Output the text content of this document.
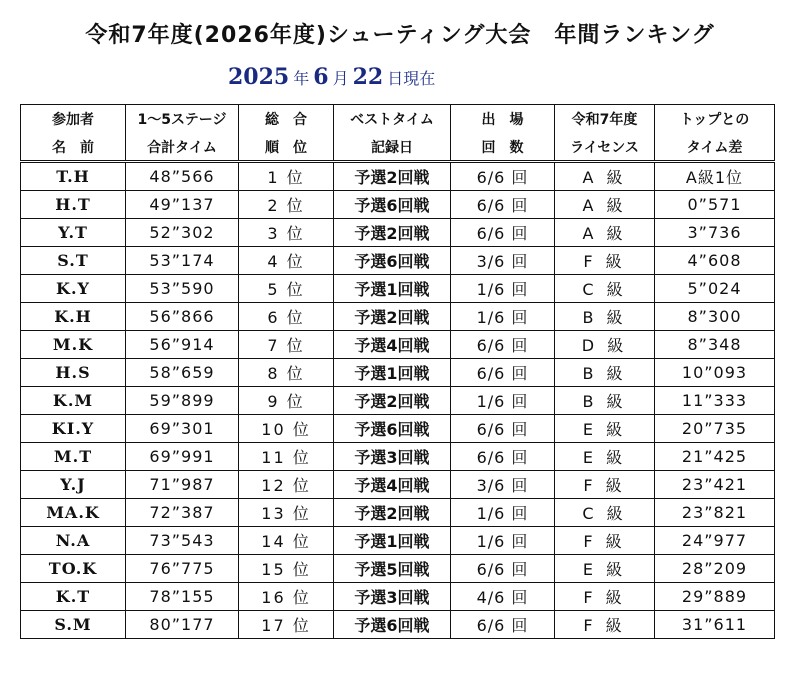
令和7年度(2026年度)シューティング大会　年間ランキング
2025 年 6 月 22 日現在
参加者	1～5ステージ	総　合	ベストタイム	出　場	令和7年度	トップとの
名　前	合計タイム	順　位	記録日	回　数	ライセンス	タイム差
T.H	48”566	1 位	予選2回戦	6/6 回	A 級	A級1位
H.T	49”137	2 位	予選6回戦	6/6 回	A 級	0”571
Y.T	52”302	3 位	予選2回戦	6/6 回	A 級	3”736
S.T	53”174	4 位	予選6回戦	3/6 回	F 級	4”608
K.Y	53”590	5 位	予選1回戦	1/6 回	C 級	5”024
K.H	56”866	6 位	予選2回戦	1/6 回	B 級	8”300
M.K	56”914	7 位	予選4回戦	6/6 回	D 級	8”348
H.S	58”659	8 位	予選1回戦	6/6 回	B 級	10”093
K.M	59”899	9 位	予選2回戦	1/6 回	B 級	11”333
KI.Y	69”301	10 位	予選6回戦	6/6 回	E 級	20”735
M.T	69”991	11 位	予選3回戦	6/6 回	E 級	21”425
Y.J	71”987	12 位	予選4回戦	3/6 回	F 級	23”421
MA.K	72”387	13 位	予選2回戦	1/6 回	C 級	23”821
N.A	73”543	14 位	予選1回戦	1/6 回	F 級	24”977
TO.K	76”775	15 位	予選5回戦	6/6 回	E 級	28”209
K.T	78”155	16 位	予選3回戦	4/6 回	F 級	29”889
S.M	80”177	17 位	予選6回戦	6/6 回	F 級	31”611
